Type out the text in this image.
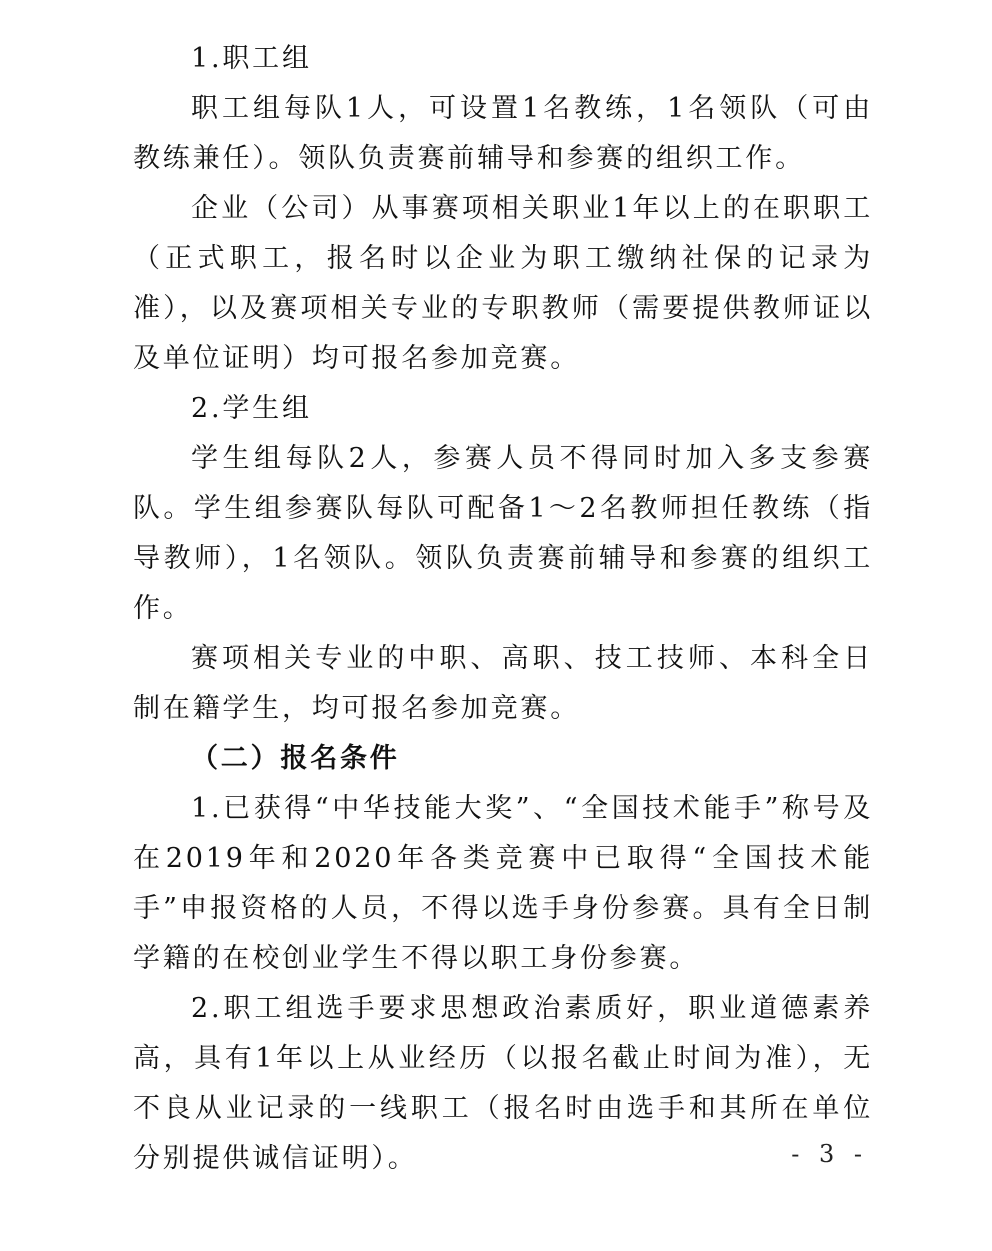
1.职工组

职工组每队1人，可设置1名教练，1名领队（可由教练兼任）。领队负责赛前辅导和参赛的组织工作。

企业（公司）从事赛项相关职业1年以上的在职职工（正式职工，报名时以企业为职工缴纳社保的记录为准），以及赛项相关专业的专职教师（需要提供教师证以及单位证明）均可报名参加竞赛。

2.学生组

学生组每队2人，参赛人员不得同时加入多支参赛队。学生组参赛队每队可配备1～2名教师担任教练（指导教师），1名领队。领队负责赛前辅导和参赛的组织工作。

赛项相关专业的中职、高职、技工技师、本科全日制在籍学生，均可报名参加竞赛。

（二）报名条件

1.已获得“中华技能大奖”、“全国技术能手”称号及在2019年和2020年各类竞赛中已取得“全国技术能手”申报资格的人员，不得以选手身份参赛。具有全日制学籍的在校创业学生不得以职工身份参赛。

2.职工组选手要求思想政治素质好，职业道德素养高，具有1年以上从业经历（以报名截止时间为准），无不良从业记录的一线职工（报名时由选手和其所在单位分别提供诚信证明）。	- 3 -
